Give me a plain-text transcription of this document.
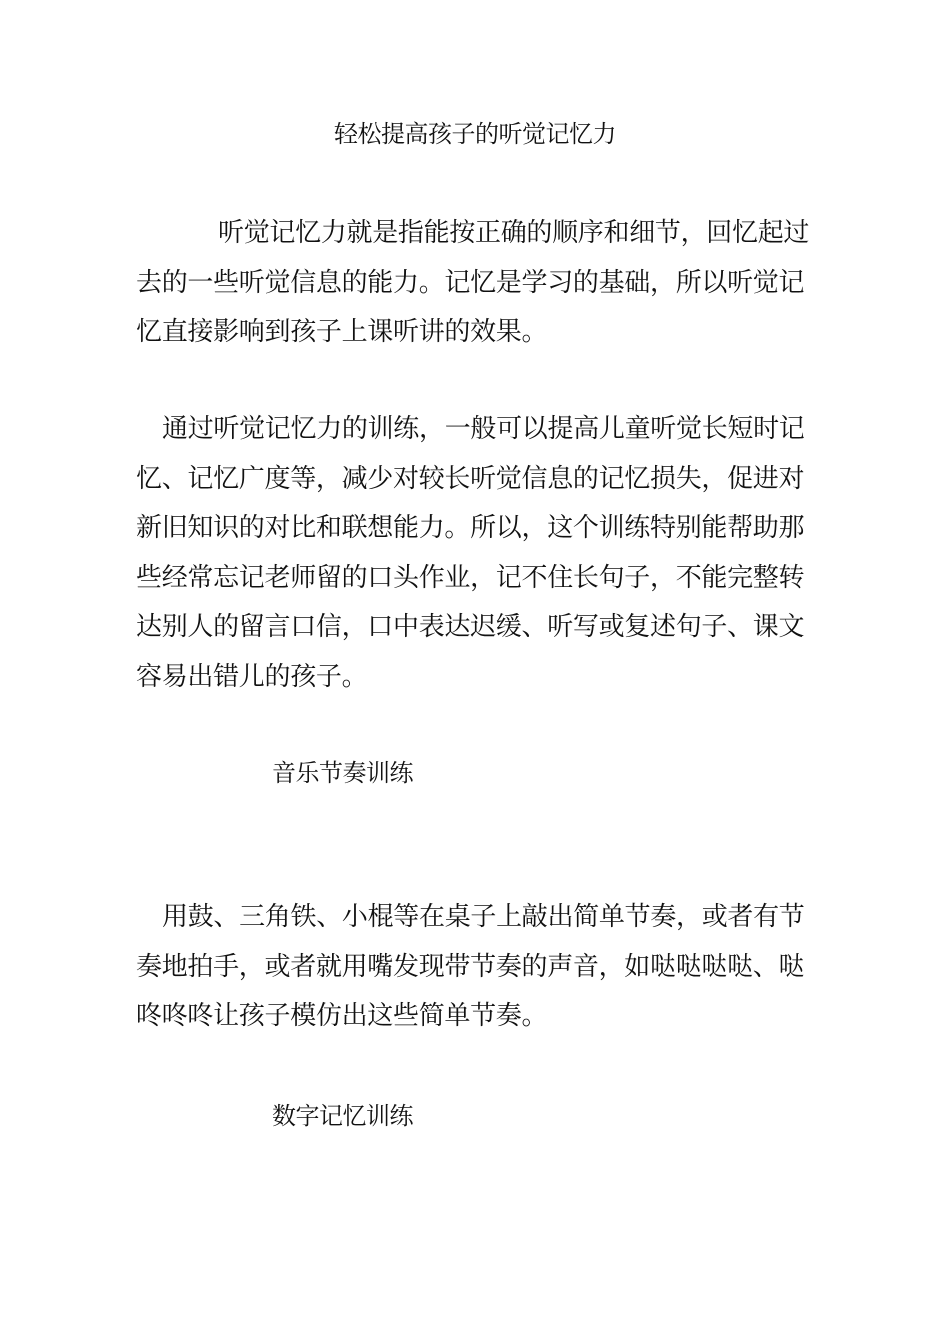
轻松提高孩子的听觉记忆力

听觉记忆力就是指能按正确的顺序和细节，回忆起过去的一些听觉信息的能力。记忆是学习的基础，所以听觉记忆直接影响到孩子上课听讲的效果。

通过听觉记忆力的训练，一般可以提高儿童听觉长短时记忆、记忆广度等，减少对较长听觉信息的记忆损失，促进对新旧知识的对比和联想能力。所以，这个训练特别能帮助那些经常忘记老师留的口头作业，记不住长句子，不能完整转达别人的留言口信，口中表达迟缓、听写或复述句子、课文容易出错儿的孩子。

音乐节奏训练

用鼓、三角铁、小棍等在桌子上敲出简单节奏，或者有节奏地拍手，或者就用嘴发现带节奏的声音，如哒哒哒哒、哒咚咚咚让孩子模仿出这些简单节奏。

数字记忆训练
